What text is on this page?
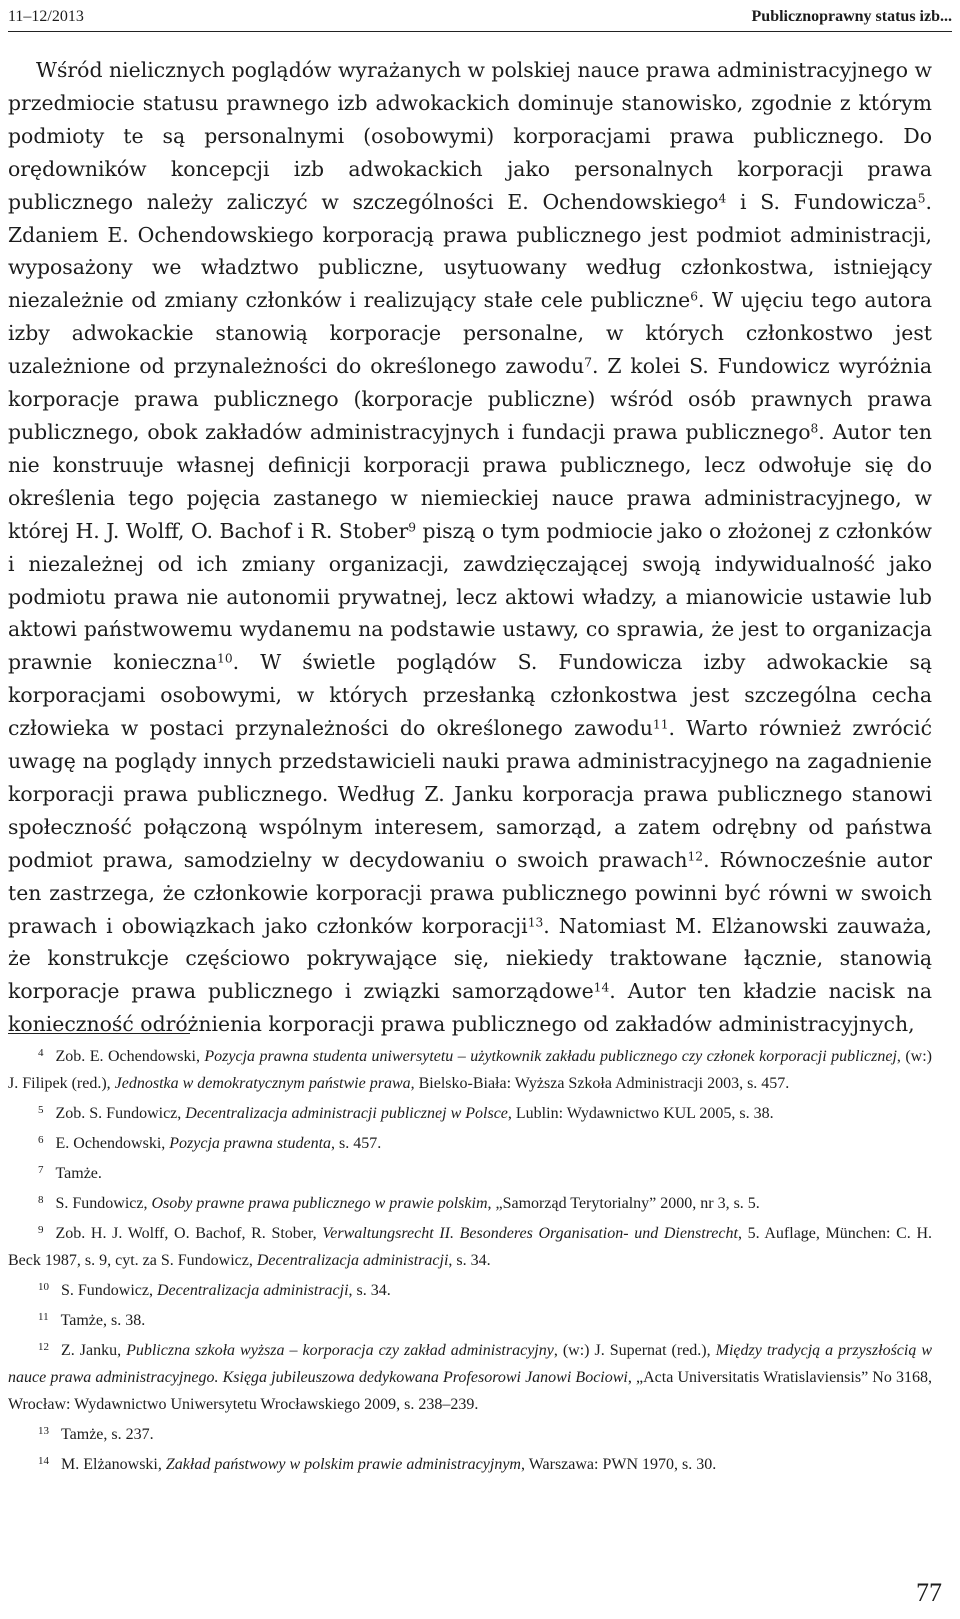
11–12/2013	Publicznoprawny status izb...

Wśród nielicznych poglądów wyrażanych w polskiej nauce prawa administracyjnego w przedmiocie statusu prawnego izb adwokackich dominuje stanowisko, zgodnie z którym podmioty te są personalnymi (osobowymi) korporacjami prawa publicznego. Do orędowników koncepcji izb adwokackich jako personalnych korporacji prawa publicznego należy zaliczyć w szczególności E. Ochendowskiego$^4$ i S. Fundowicza$^5$. Zdaniem E. Ochendowskiego korporacją prawa publicznego jest podmiot administracji, wyposażony we władztwo publiczne, usytuowany według członkostwa, istniejący niezależnie od zmiany członków i realizujący stałe cele publiczne$^6$. W ujęciu tego autora izby adwokackie stanowią korporacje personalne, w których członkostwo jest uzależnione od przynależności do określonego zawodu$^7$. Z kolei S. Fundowicz wyróżnia korporacje prawa publicznego (korporacje publiczne) wśród osób prawnych prawa publicznego, obok zakładów administracyjnych i fundacji prawa publicznego$^8$. Autor ten nie konstruuje własnej definicji korporacji prawa publicznego, lecz odwołuje się do określenia tego pojęcia zastanego w niemieckiej nauce prawa administracyjnego, w której H. J. Wolff, O. Bachof i R. Stober$^9$ piszą o tym podmiocie jako o złożonej z członków i niezależnej od ich zmiany organizacji, zawdzięczającej swoją indywidualność jako podmiotu prawa nie autonomii prywatnej, lecz aktowi władzy, a mianowicie ustawie lub aktowi państwowemu wydanemu na podstawie ustawy, co sprawia, że jest to organizacja prawnie konieczna$^{10}$. W świetle poglądów S. Fundowicza izby adwokackie są korporacjami osobowymi, w których przesłanką członkostwa jest szczególna cecha człowieka w postaci przynależności do określonego zawodu$^{11}$. Warto również zwrócić uwagę na poglądy innych przedstawicieli nauki prawa administracyjnego na zagadnienie korporacji prawa publicznego. Według Z. Janku korporacja prawa publicznego stanowi społeczność połączoną wspólnym interesem, samorząd, a zatem odrębny od państwa podmiot prawa, samodzielny w decydowaniu o swoich prawach$^{12}$. Równocześnie autor ten zastrzega, że członkowie korporacji prawa publicznego powinni być równi w swoich prawach i obowiązkach jako członków korporacji$^{13}$. Natomiast M. Elżanowski zauważa, że konstrukcje częściowo pokrywające się, niekiedy traktowane łącznie, stanowią korporacje prawa publicznego i związki samorządowe$^{14}$. Autor ten kładzie nacisk na konieczność odróżnienia korporacji prawa publicznego od zakładów administracyjnych,

$^4$ Zob. E. Ochendowski, Pozycja prawna studenta uniwersytetu – użytkownik zakładu publicznego czy członek korporacji publicznej, (w:) J. Filipek (red.), Jednostka w demokratycznym państwie prawa, Bielsko-Biała: Wyższa Szkoła Administracji 2003, s. 457.

$^5$ Zob. S. Fundowicz, Decentralizacja administracji publicznej w Polsce, Lublin: Wydawnictwo KUL 2005, s. 38.

$^6$ E. Ochendowski, Pozycja prawna studenta, s. 457.

$^7$ Tamże.

$^8$ S. Fundowicz, Osoby prawne prawa publicznego w prawie polskim, „Samorząd Terytorialny” 2000, nr 3, s. 5.

$^9$ Zob. H. J. Wolff, O. Bachof, R. Stober, Verwaltungsrecht II. Besonderes Organisation- und Dienstrecht, 5. Auflage, München: C. H. Beck 1987, s. 9, cyt. za S. Fundowicz, Decentralizacja administracji, s. 34.

$^{10}$ S. Fundowicz, Decentralizacja administracji, s. 34.

$^{11}$ Tamże, s. 38.

$^{12}$ Z. Janku, Publiczna szkoła wyższa – korporacja czy zakład administracyjny, (w:) J. Supernat (red.), Między tradycją a przyszłością w nauce prawa administracyjnego. Księga jubileuszowa dedykowana Profesorowi Janowi Bociowi, „Acta Universitatis Wratislaviensis” No 3168, Wrocław: Wydawnictwo Uniwersytetu Wrocławskiego 2009, s. 238–239.

$^{13}$ Tamże, s. 237.

$^{14}$ M. Elżanowski, Zakład państwowy w polskim prawie administracyjnym, Warszawa: PWN 1970, s. 30.

77
